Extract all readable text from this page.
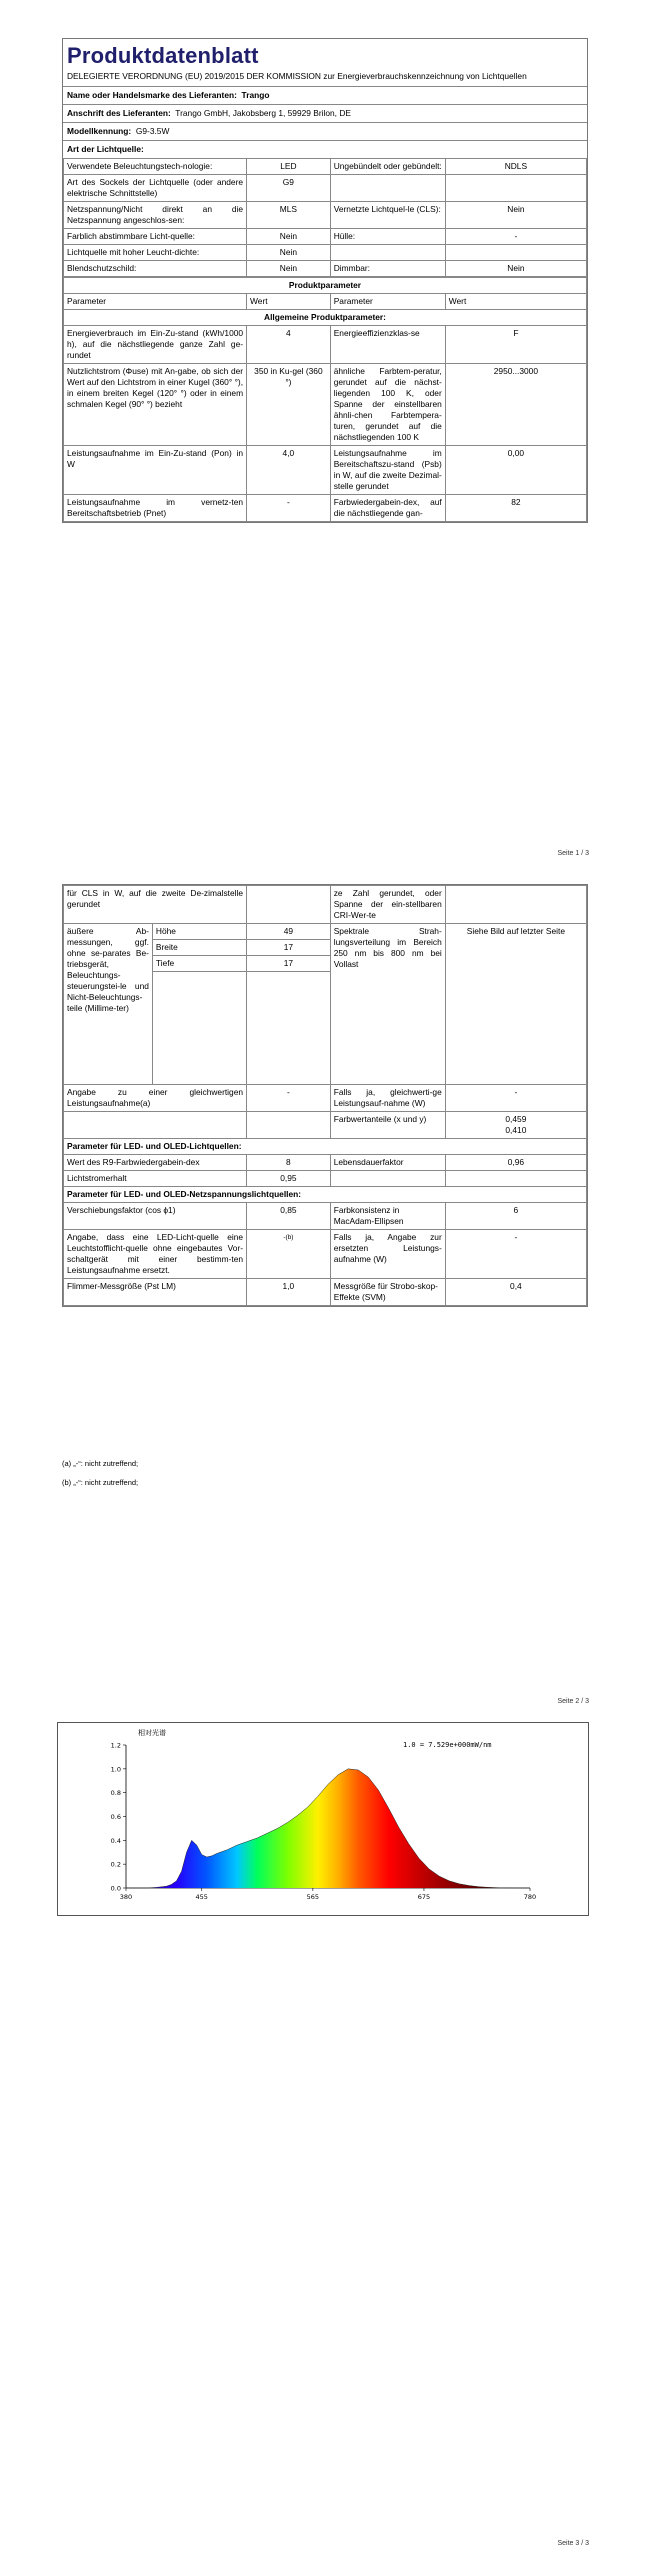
Produktdatenblatt
DELEGIERTE VERORDNUNG (EU) 2019/2015 DER KOMMISSION zur Energieverbrauchskennzeichnung von Lichtquellen
Name oder Handelsmarke des Lieferanten: Trango
Anschrift des Lieferanten: Trango GmbH, Jakobsberg 1, 59929 Brilon, DE
Modellkennung: G9-3.5W
Art der Lichtquelle:
Verwendete Beleuchtungstech-nologie:	LED	Ungebündelt oder gebündelt:	NDLS
Art des Sockels der Lichtquelle (oder andere elektrische Schnittstelle)	G9		
Netzspannung/Nicht direkt an die Netzspannung angeschlos-sen:	MLS	Vernetzte Lichtquel-le (CLS):	Nein
Farblich abstimmbare Licht-quelle:	Nein	Hülle:	-
Lichtquelle mit hoher Leucht-dichte:	Nein		
Blendschutzschild:	Nein	Dimmbar:	Nein
Produktparameter			
Parameter	Wert	Parameter	Wert
Allgemeine Produktparameter:			
Energieverbrauch im Ein-Zu-stand (kWh/1000 h), auf die nächstliegende ganze Zahl ge-rundet	4	Energieeffizienzklas-se	F
Nutzlichtstrom (Φuse) mit An-gabe, ob sich der Wert auf den Lichtstrom in einer Kugel (360° °), in einem breiten Kegel (120° °) oder in einem schmalen Kegel (90° °) bezieht	350 in Ku-gel (360 °)	ähnliche Farbtem-peratur, gerundet auf die nächst-liegenden 100 K, oder Spanne der einstellbaren ähnli-chen Farbtempera-turen, gerundet auf die nächstliegenden 100 K	2950...3000
Leistungsaufnahme im Ein-Zu-stand (Pon) in W	4,0	Leistungsaufnahme im Bereitschaftszu-stand (Psb) in W, auf die zweite Dezimal-stelle gerundet	0,00
Leistungsaufnahme im vernetz-ten Bereitschaftsbetrieb (Pnet)	-	Farbwiedergabein-dex, auf die nächstliegende gan-	82
Seite 1 / 3
für CLS in W, auf die zweite De-zimalstelle gerundet			ze Zahl gerundet, oder Spanne der ein-stellbaren CRI-Wer-te	
äußere Ab-messungen, ggf. ohne se-parates Be-triebsgerät, Beleuchtungs-steuerungstei-le und Nicht-Beleuchtungs-teile (Millime-ter)	Höhe	49	Spektrale Strah-lungsverteilung im Bereich 250 nm bis 800 nm bei Vollast	Siehe Bild auf letzter Seite
	Breite	17		
	Tiefe	17		

Angabe zu einer gleichwertigen Leistungsaufnahme(a)		-	Falls ja, gleichwerti-ge Leistungsauf-nahme (W)	-
			Farbwertanteile (x und y)	0,459
0,410
Parameter für LED- und OLED-Lichtquellen:				
Wert des R9-Farbwiedergabein-dex		8	Lebensdauerfaktor	0,96
Lichtstromerhalt		0,95		
Parameter für LED- und OLED-Netzspannungslichtquellen:				
Verschiebungsfaktor (cos ϕ1)		0,85	Farbkonsistenz in MacAdam-Ellipsen	6
Angabe, dass eine LED-Licht-quelle eine Leuchtstofflicht-quelle ohne eingebautes Vor-schaltgerät mit einer bestimm-ten Leistungsaufnahme ersetzt.		-(b)	Falls ja, Angabe zur ersetzten Leistungs-aufnahme (W)	-
Flimmer-Messgröße (Pst LM)		1,0	Messgröße für Strobo-skop-Effekte (SVM)	0,4
(a) „-“: nicht zutreffend;
(b) „-“: nicht zutreffend;
Seite 2 / 3
Seite 3 / 3
相对光谱
1.0 = 7.529e+000mW/nm
0.0
0.2
0.4
0.6
0.8
1.0
1.2
380	455	565	675	780
